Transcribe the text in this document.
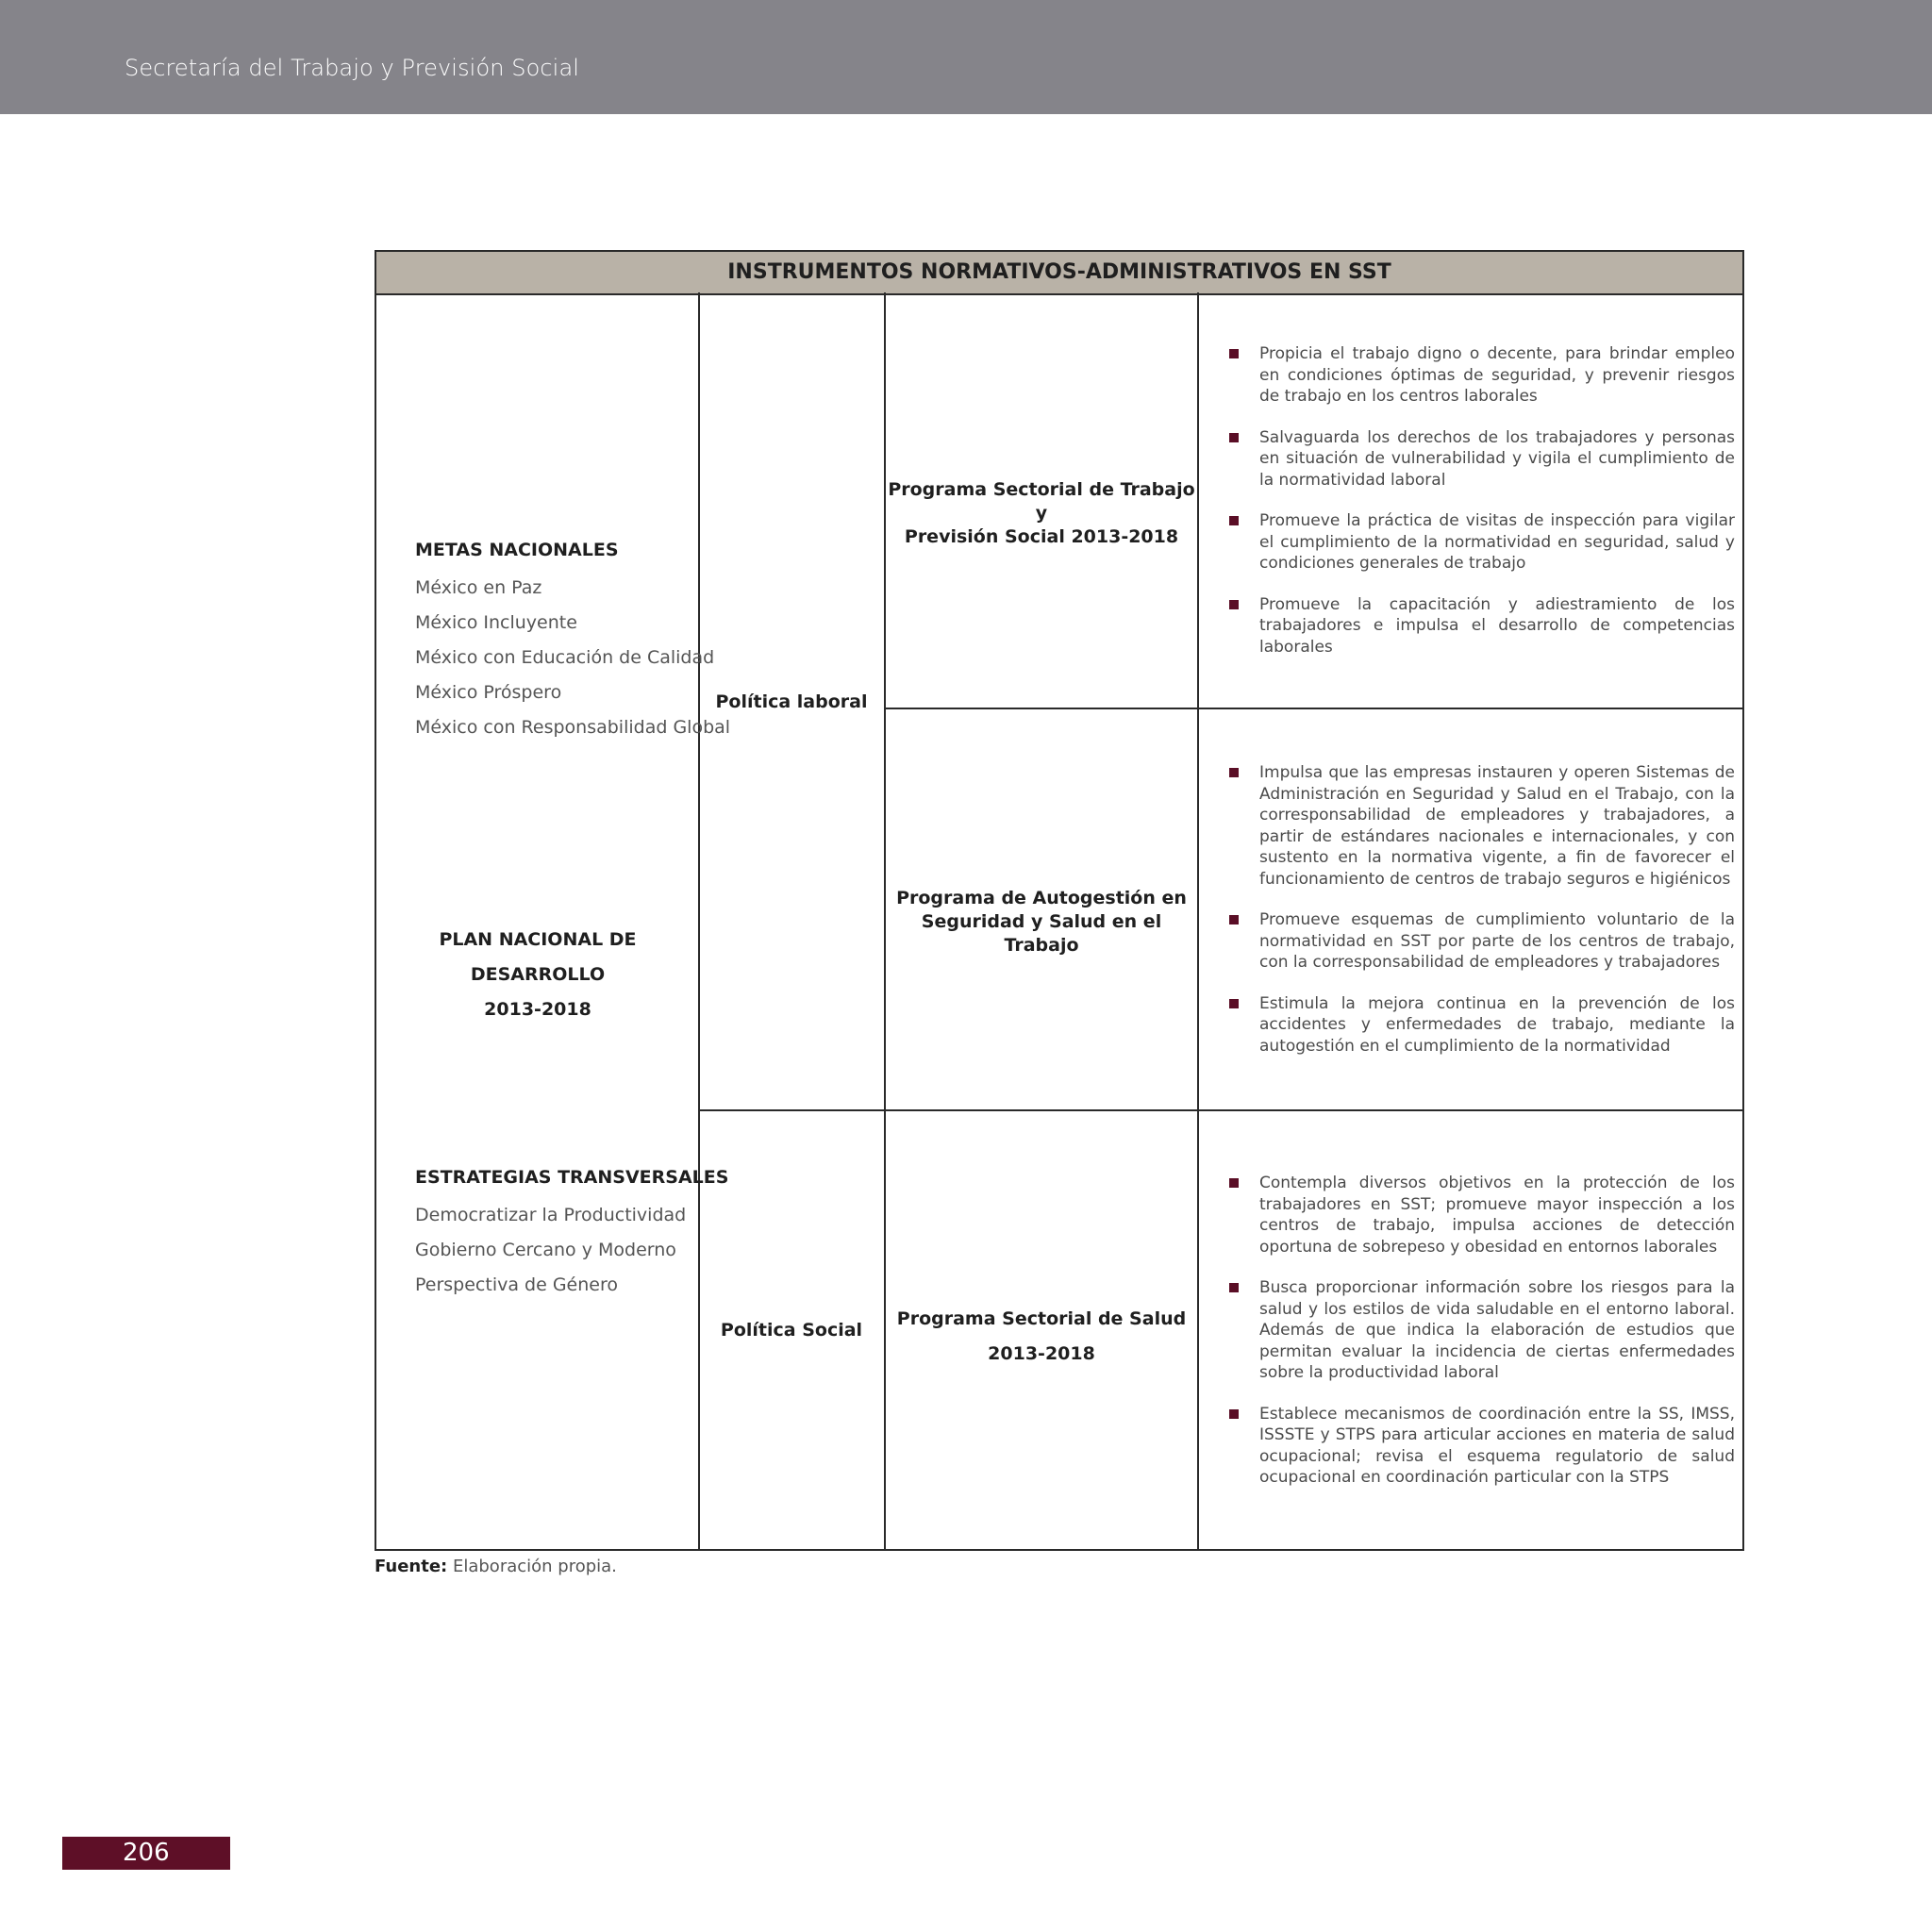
Secretaría del Trabajo y Previsión Social
INSTRUMENTOS NORMATIVOS-ADMINISTRATIVOS EN SST
METAS NACIONALES
México en Paz
México Incluyente
México con Educación de Calidad
México Próspero
México con Responsabilidad Global
PLAN NACIONAL DE DESARROLLO
2013-2018
ESTRATEGIAS TRANSVERSALES
Democratizar la Productividad
Gobierno Cercano y Moderno
Perspectiva de Género
Política laboral
Política Social
Programa Sectorial de Trabajo y
Previsión Social 2013-2018
Programa de Autogestión en
Seguridad y Salud en el Trabajo
Programa Sectorial de Salud
2013-2018
Propicia el trabajo digno o decente, para brindar empleo en condiciones óptimas de seguridad, y prevenir riesgos de trabajo en los centros laborales
Salvaguarda los derechos de los trabajadores y personas en situación de vulnerabilidad y vigila el cumplimiento de la normatividad laboral
Promueve la práctica de visitas de inspección para vigilar el cumplimiento de la normatividad en seguridad, salud y condiciones generales de trabajo
Promueve la capacitación y adiestramiento de los trabajadores e impulsa el desarrollo de competencias laborales
Impulsa que las empresas instauren y operen Sistemas de Administración en Seguridad y Salud en el Trabajo, con la corresponsabilidad de empleadores y trabajadores, a partir de estándares nacionales e internacionales, y con sustento en la normativa vigente, a fin de favorecer el funcionamiento de centros de trabajo seguros e higiénicos
Promueve esquemas de cumplimiento voluntario de la normatividad en SST por parte de los centros de trabajo, con la corresponsabilidad de empleadores y trabajadores
Estimula la mejora continua en la prevención de los accidentes y enfermedades de trabajo, mediante la autogestión en el cumplimiento de la normatividad
Contempla diversos objetivos en la protección de los trabajadores en SST; promueve mayor inspección a los centros de trabajo, impulsa acciones de detección oportuna de sobrepeso y obesidad en entornos laborales
Busca proporcionar información sobre los riesgos para la salud y los estilos de vida saludable en el entorno laboral. Además de que indica la elaboración de estudios que permitan evaluar la incidencia de ciertas enfermedades sobre la productividad laboral
Establece mecanismos de coordinación entre la SS, IMSS, ISSSTE y STPS para articular acciones en materia de salud ocupacional; revisa el esquema regulatorio de salud ocupacional en coordinación particular con la STPS
Fuente: Elaboración propia.
206
